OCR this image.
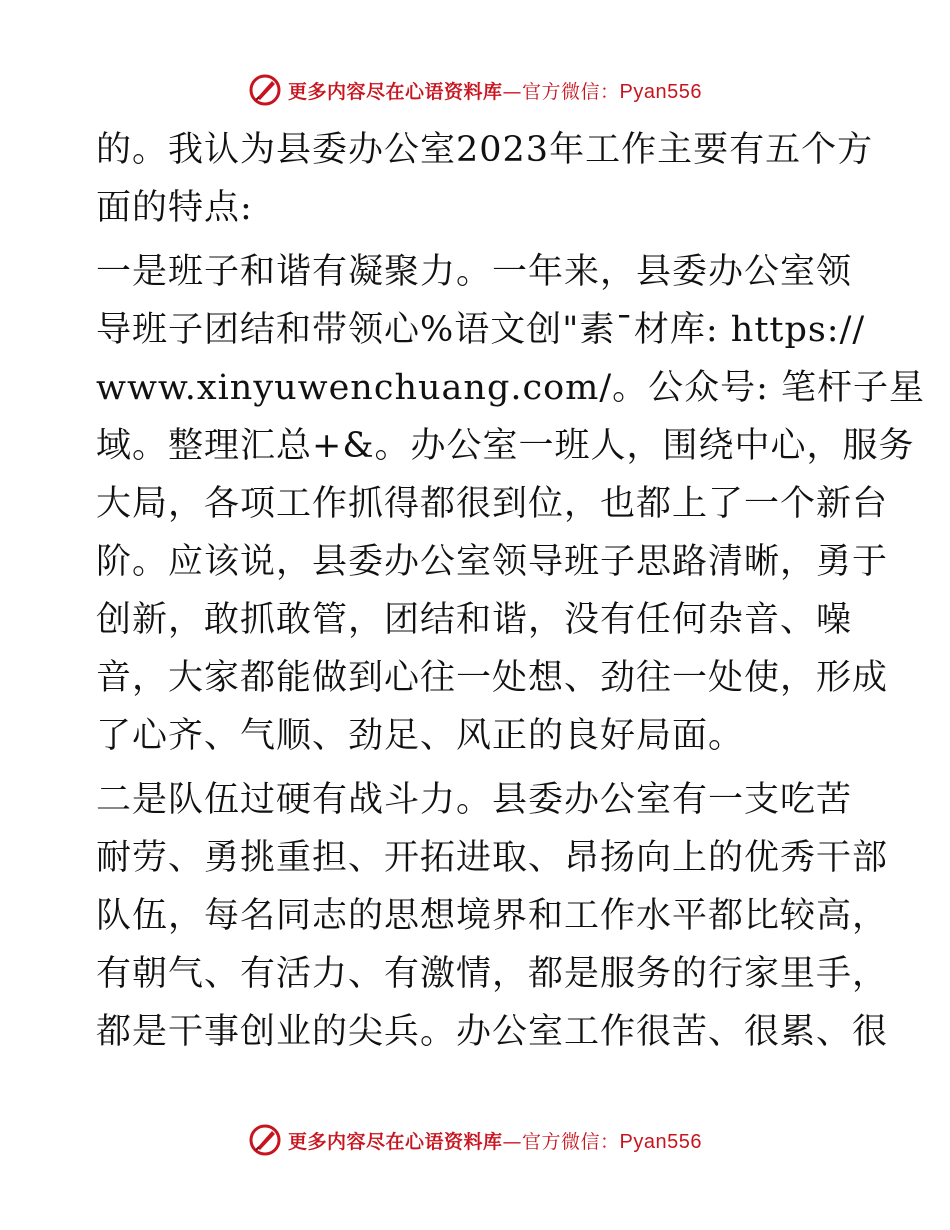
更多内容尽在心语资料库 — 官方微信： Pyan556
的。我认为县委办公室2023年工作主要有五个方
面的特点:
一是班子和谐有凝聚力。一年来，县委办公室领
导班子团结和带领心%语文创"素¯材库: https://
www.xinyuwenchuang.com/。公众号: 笔杆子星
域。整理汇总+&。办公室一班人，围绕中心，服务
大局，各项工作抓得都很到位，也都上了一个新台
阶。应该说，县委办公室领导班子思路清晰，勇于
创新，敢抓敢管，团结和谐，没有任何杂音、噪
音，大家都能做到心往一处想、劲往一处使，形成
了心齐、气顺、劲足、风正的良好局面。
二是队伍过硬有战斗力。县委办公室有一支吃苦
耐劳、勇挑重担、开拓进取、昂扬向上的优秀干部
队伍，每名同志的思想境界和工作水平都比较高，
有朝气、有活力、有激情，都是服务的行家里手，
都是干事创业的尖兵。办公室工作很苦、很累、很
更多内容尽在心语资料库 — 官方微信： Pyan556
